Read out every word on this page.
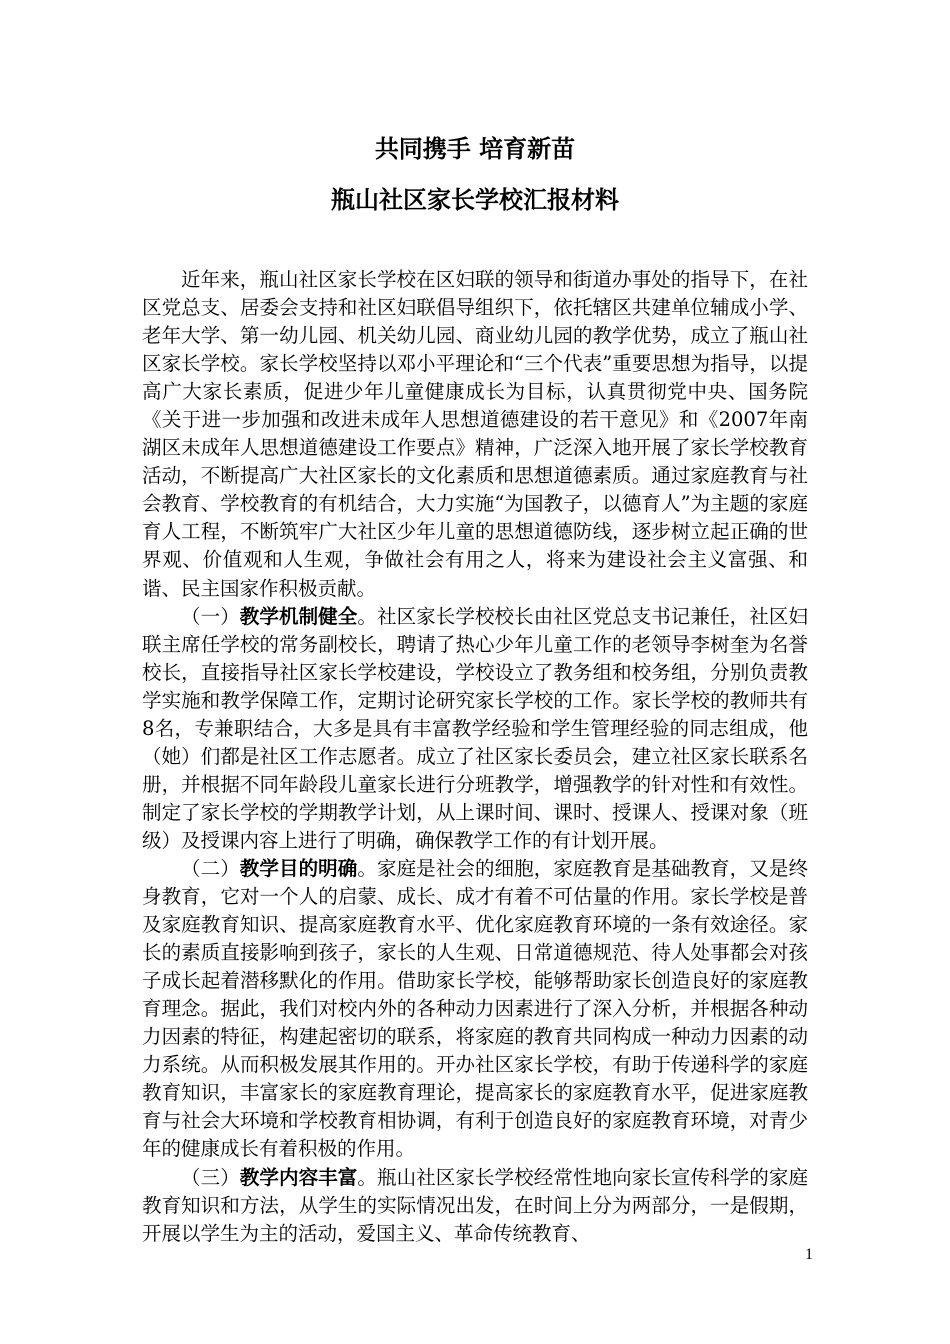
共同携手 培育新苗
瓶山社区家长学校汇报材料

近年来，瓶山社区家长学校在区妇联的领导和街道办事处的指导下，在社区党总支、居委会支持和社区妇联倡导组织下，依托辖区共建单位辅成小学、老年大学、第一幼儿园、机关幼儿园、商业幼儿园的教学优势，成立了瓶山社区家长学校。家长学校坚持以邓小平理论和“三个代表”重要思想为指导，以提高广大家长素质，促进少年儿童健康成长为目标，认真贯彻党中央、国务院《关于进一步加强和改进未成年人思想道德建设的若干意见》和《2007年南湖区未成年人思想道德建设工作要点》精神，广泛深入地开展了家长学校教育活动，不断提高广大社区家长的文化素质和思想道德素质。通过家庭教育与社会教育、学校教育的有机结合，大力实施“为国教子，以德育人”为主题的家庭育人工程，不断筑牢广大社区少年儿童的思想道德防线，逐步树立起正确的世界观、价值观和人生观，争做社会有用之人，将来为建设社会主义富强、和谐、民主国家作积极贡献。

（一）教学机制健全。社区家长学校校长由社区党总支书记兼任，社区妇联主席任学校的常务副校长，聘请了热心少年儿童工作的老领导李树奎为名誉校长，直接指导社区家长学校建设，学校设立了教务组和校务组，分别负责教学实施和教学保障工作，定期讨论研究家长学校的工作。家长学校的教师共有8名，专兼职结合，大多是具有丰富教学经验和学生管理经验的同志组成，他（她）们都是社区工作志愿者。成立了社区家长委员会，建立社区家长联系名册，并根据不同年龄段儿童家长进行分班教学，增强教学的针对性和有效性。制定了家长学校的学期教学计划，从上课时间、课时、授课人、授课对象（班级）及授课内容上进行了明确，确保教学工作的有计划开展。

（二）教学目的明确。家庭是社会的细胞，家庭教育是基础教育，又是终身教育，它对一个人的启蒙、成长、成才有着不可估量的作用。家长学校是普及家庭教育知识、提高家庭教育水平、优化家庭教育环境的一条有效途径。家长的素质直接影响到孩子，家长的人生观、日常道德规范、待人处事都会对孩子成长起着潜移默化的作用。借助家长学校，能够帮助家长创造良好的家庭教育理念。据此，我们对校内外的各种动力因素进行了深入分析，并根据各种动力因素的特征，构建起密切的联系，将家庭的教育共同构成一种动力因素的动力系统。从而积极发展其作用的。开办社区家长学校，有助于传递科学的家庭教育知识，丰富家长的家庭教育理论，提高家长的家庭教育水平，促进家庭教育与社会大环境和学校教育相协调，有利于创造良好的家庭教育环境，对青少年的健康成长有着积极的作用。

（三）教学内容丰富。瓶山社区家长学校经常性地向家长宣传科学的家庭教育知识和方法，从学生的实际情况出发，在时间上分为两部分，一是假期，开展以学生为主的活动，爱国主义、革命传统教育、

1
